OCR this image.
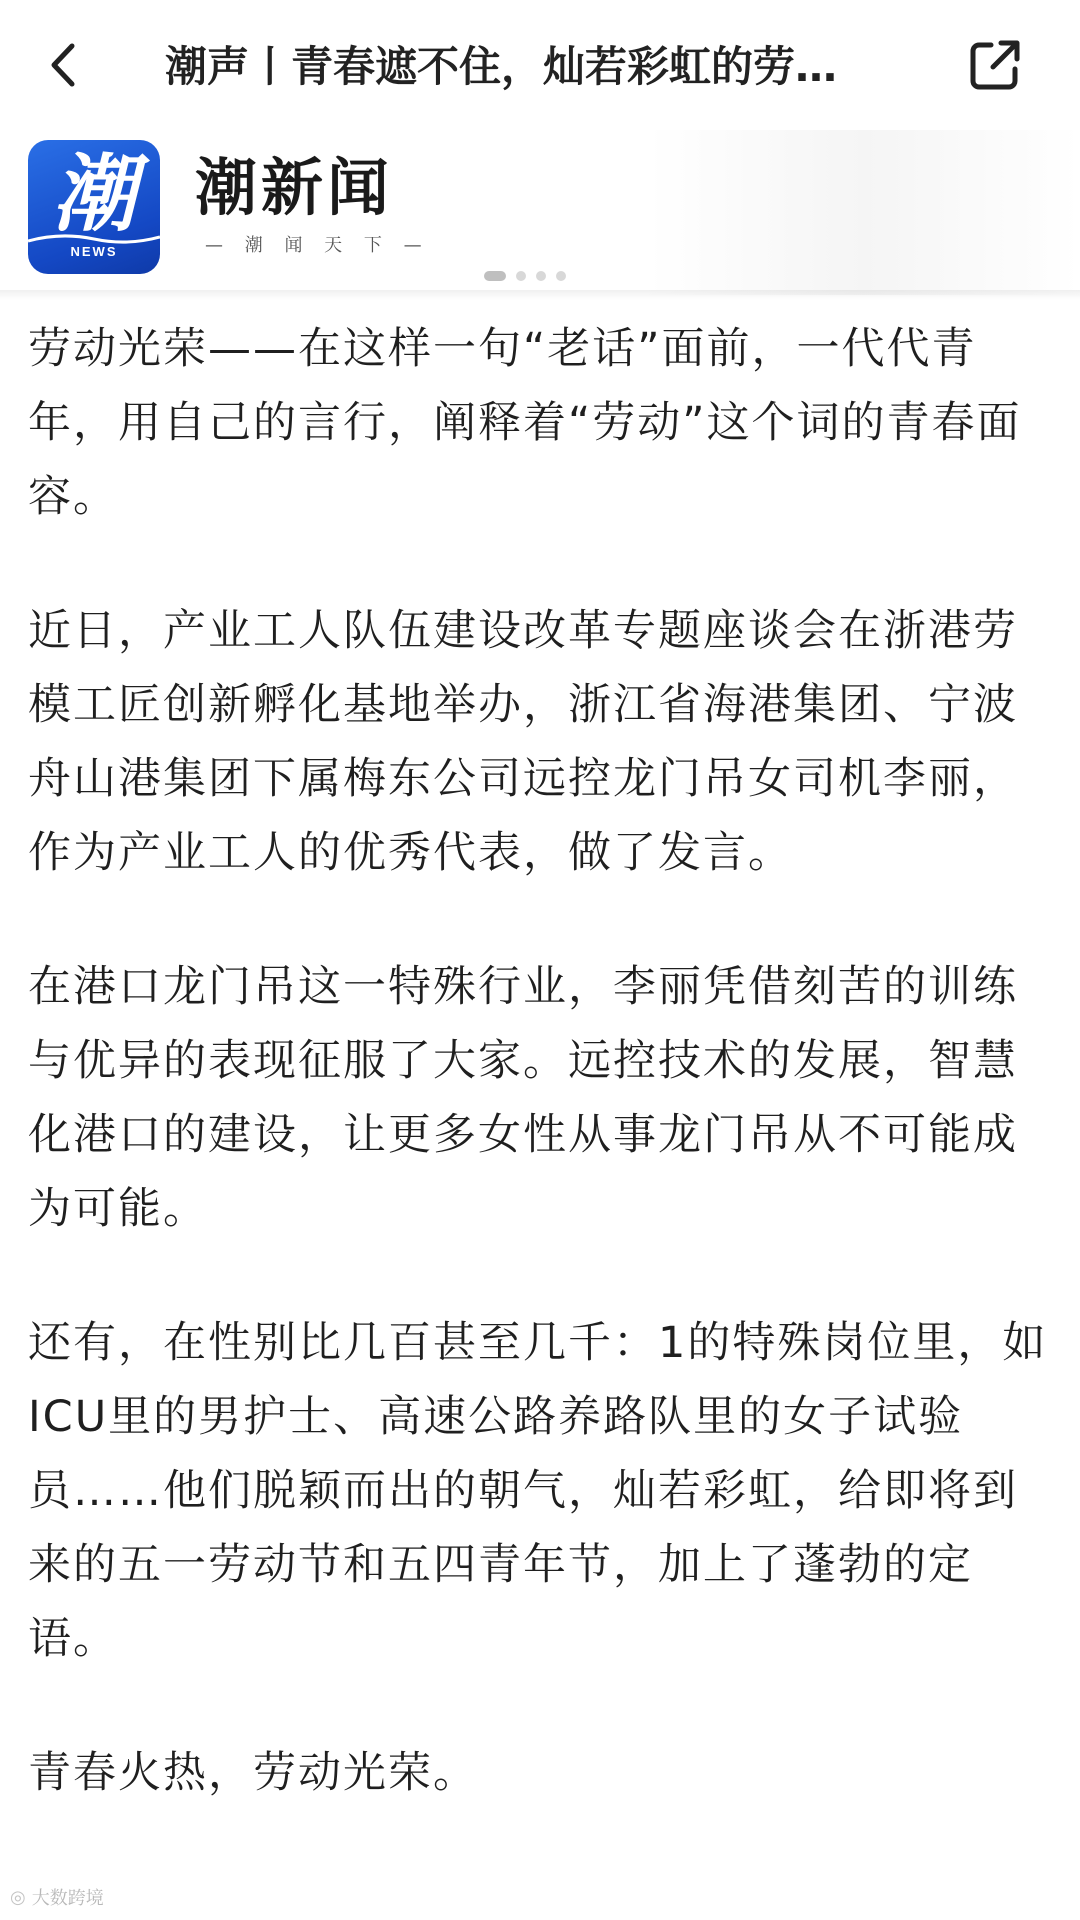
潮声丨青春遮不住，灿若彩虹的劳…
潮
NEWS
潮新闻
— 潮 闻 天 下 —

劳动光荣——在这样一句“老话”面前，一代代青年，用自己的言行，阐释着“劳动”这个词的青春面容。

近日，产业工人队伍建设改革专题座谈会在浙港劳模工匠创新孵化基地举办，浙江省海港集团、宁波舟山港集团下属梅东公司远控龙门吊女司机李丽，作为产业工人的优秀代表，做了发言。

在港口龙门吊这一特殊行业，李丽凭借刻苦的训练与优异的表现征服了大家。远控技术的发展，智慧化港口的建设，让更多女性从事龙门吊从不可能成为可能。

还有，在性别比几百甚至几千：1的特殊岗位里，如ICU里的男护士、高速公路养路队里的女子试验员……他们脱颖而出的朝气，灿若彩虹，给即将到来的五一劳动节和五四青年节，加上了蓬勃的定语。

青春火热，劳动光荣。

◎ 大数跨境
